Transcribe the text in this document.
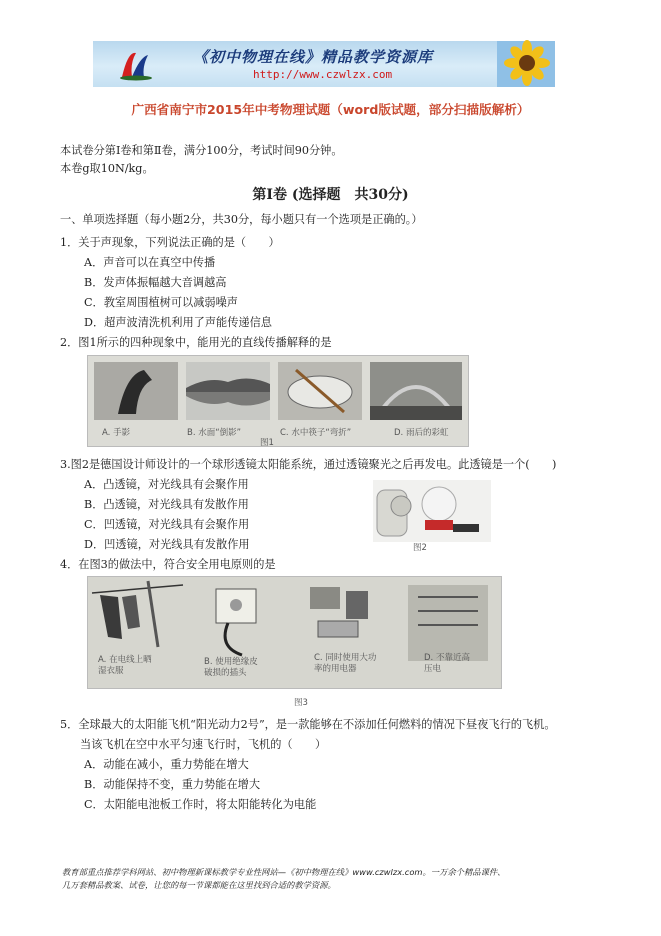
《初中物理在线》精品教学资源库
http://www.czwlzx.com
广西省南宁市2015年中考物理试题（word版试题，部分扫描版解析）
本试卷分第Ⅰ卷和第Ⅱ卷，满分100分，考试时间90分钟。
本卷g取10N/kg。
第Ⅰ卷 (选择题　共30分)
一、单项选择题（每小题2分，共30分，每小题只有一个选项是正确的。）
1．关于声现象，下列说法正确的是（　　）
A．声音可以在真空中传播
B．发声体振幅越大音调越高
C．教室周围植树可以减弱噪声
D．超声波清洗机利用了声能传递信息
2．图1所示的四种现象中，能用光的直线传播解释的是
A. 手影	B. 水面“倒影”	C. 水中筷子“弯折”	D. 雨后的彩虹
图1
3.图2是德国设计师设计的一个球形透镜太阳能系统，通过透镜聚光之后再发电。此透镜是一个(　　)
A．凸透镜，对光线具有会聚作用
B．凸透镜，对光线具有发散作用
C．凹透镜，对光线具有会聚作用
D．凹透镜，对光线具有发散作用	图2
4．在图3的做法中，符合安全用电原则的是
A. 在电线上晒
湿衣服
B. 使用绝缘皮
破损的插头
C. 同时使用大功
率的用电器
D. 不靠近高
压电
图3
5．全球最大的太阳能飞机“阳光动力2号”，是一款能够在不添加任何燃料的情况下昼夜飞行的飞机。
当该飞机在空中水平匀速飞行时，飞机的（　　）
A．动能在减小，重力势能在增大
B．动能保持不变，重力势能在增大
C．太阳能电池板工作时，将太阳能转化为电能
教育部重点推荐学科网站、初中物理新课标教学专业性网站—《初中物理在线》www.czwlzx.com。一万余个精品课件、
几万套精品教案、试卷，让您的每一节课都能在这里找到合适的教学资源。
